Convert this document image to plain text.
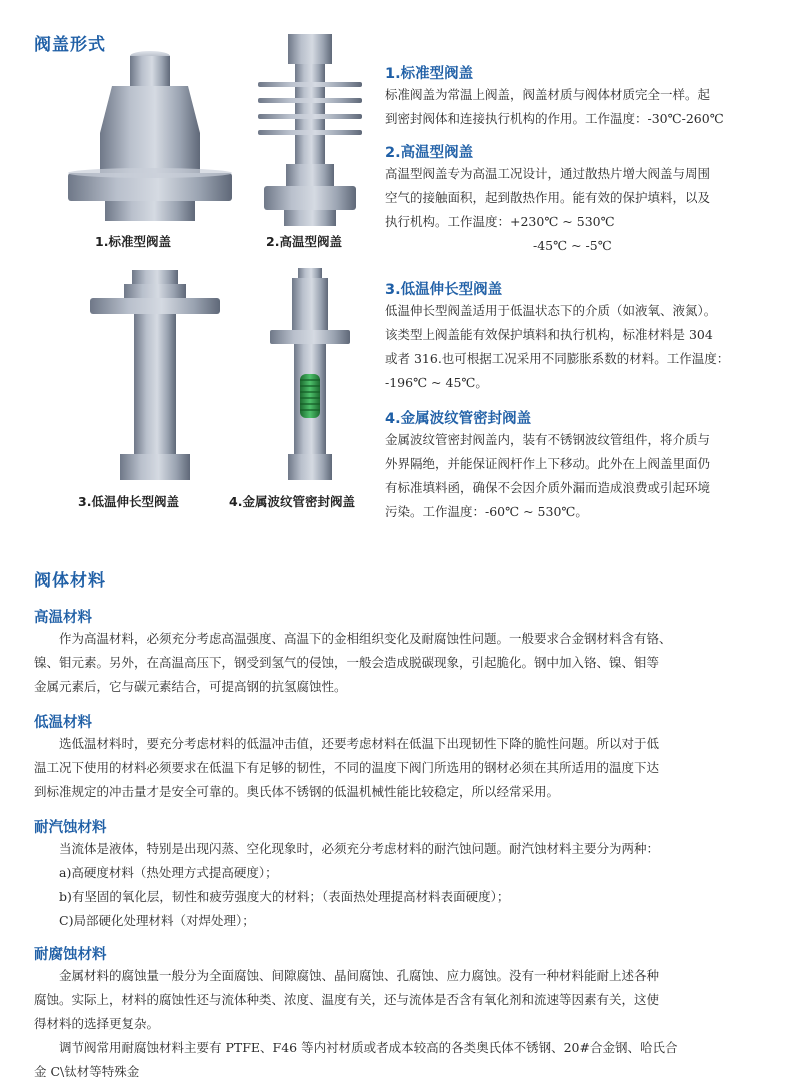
阀盖形式
1.标准型阀盖	2.高温型阀盖
3.低温伸长型阀盖	4.金属波纹管密封阀盖
1.标准型阀盖

标准阀盖为常温上阀盖，阀盖材质与阀体材质完全一样。起

到密封阀体和连接执行机构的作用。工作温度：-30℃-260℃

2.高温型阀盖

高温型阀盖专为高温工况设计，通过散热片增大阀盖与周围

空气的接触面积，起到散热作用。能有效的保护填料，以及

执行机构。工作温度：+230℃ ~ 530℃

-45℃ ~ -5℃

3.低温伸长型阀盖

低温伸长型阀盖适用于低温状态下的介质（如液氧、液氮）。

该类型上阀盖能有效保护填料和执行机构，标准材料是 304

或者 316.也可根据工况采用不同膨胀系数的材料。工作温度：

-196℃ ~ 45℃。

4.金属波纹管密封阀盖

金属波纹管密封阀盖内，装有不锈钢波纹管组件，将介质与

外界隔绝，并能保证阀杆作上下移动。此外在上阀盖里面仍

有标准填料函，确保不会因介质外漏而造成浪费或引起环境

污染。工作温度：-60℃ ~ 530℃。

阀体材料
高温材料

作为高温材料，必须充分考虑高温强度、高温下的金相组织变化及耐腐蚀性问题。一般要求合金钢材料含有铬、

镍、钼元素。另外，在高温高压下，钢受到氢气的侵蚀，一般会造成脱碳现象，引起脆化。钢中加入铬、镍、钼等

金属元素后，它与碳元素结合，可提高钢的抗氢腐蚀性。

低温材料

选低温材料时，要充分考虑材料的低温冲击值，还要考虑材料在低温下出现韧性下降的脆性问题。所以对于低

温工况下使用的材料必须要求在低温下有足够的韧性，不同的温度下阀门所选用的钢材必须在其所适用的温度下达

到标准规定的冲击量才是安全可靠的。奥氏体不锈钢的低温机械性能比较稳定，所以经常采用。

耐汽蚀材料

当流体是液体，特别是出现闪蒸、空化现象时，必须充分考虑材料的耐汽蚀问题。耐汽蚀材料主要分为两种：

a)高硬度材料（热处理方式提高硬度）；

b)有坚固的氧化层，韧性和疲劳强度大的材料；（表面热处理提高材料表面硬度）；

C)局部硬化处理材料（对焊处理）；

耐腐蚀材料

金属材料的腐蚀量一般分为全面腐蚀、间隙腐蚀、晶间腐蚀、孔腐蚀、应力腐蚀。没有一种材料能耐上述各种

腐蚀。实际上，材料的腐蚀性还与流体种类、浓度、温度有关，还与流体是否含有氧化剂和流速等因素有关，这使

得材料的选择更复杂。

调节阀常用耐腐蚀材料主要有 PTFE、F46 等内衬材质或者成本较高的各类奥氏体不锈钢、20#合金钢、哈氏合

金 C\钛材等特殊金
